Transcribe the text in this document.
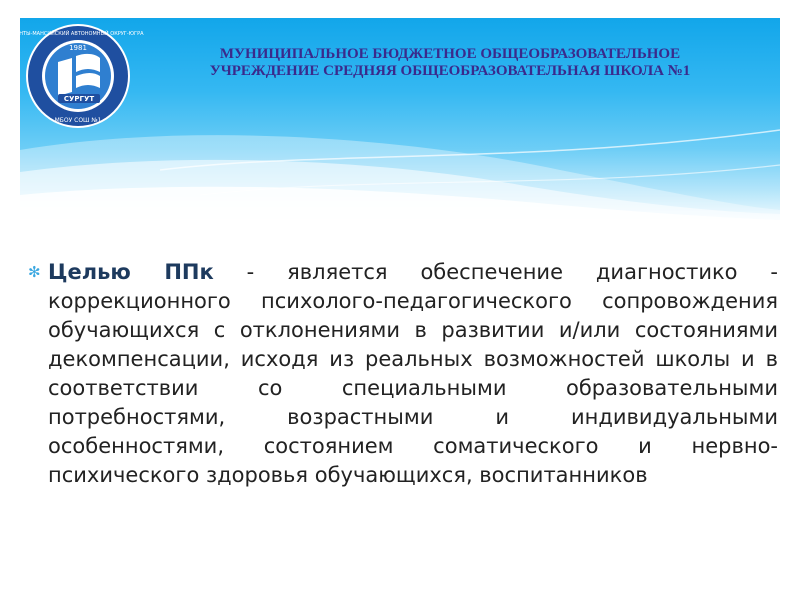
1981
СУРГУТ
МБОУ СОШ №1
ХАНТЫ-МАНСИЙСКИЙ АВТОНОМНЫЙ ОКРУГ-ЮГРА
МУНИЦИПАЛЬНОЕ БЮДЖЕТНОЕ ОБЩЕОБРАЗОВАТЕЛЬНОЕ
УЧРЕЖДЕНИЕ СРЕДНЯЯ ОБЩЕОБРАЗОВАТЕЛЬНАЯ ШКОЛА №1
✻ Целью ППк - является обеспечение диагностико - коррекционного психолого-педагогического сопровождения обучающихся с отклонениями в развитии и/или состояниями декомпенсации, исходя из реальных возможностей школы и в соответствии со специальными образовательными потребностями, возрастными и индивидуальными особенностями, состоянием соматического и нервно-психического здоровья обучающихся, воспитанников
